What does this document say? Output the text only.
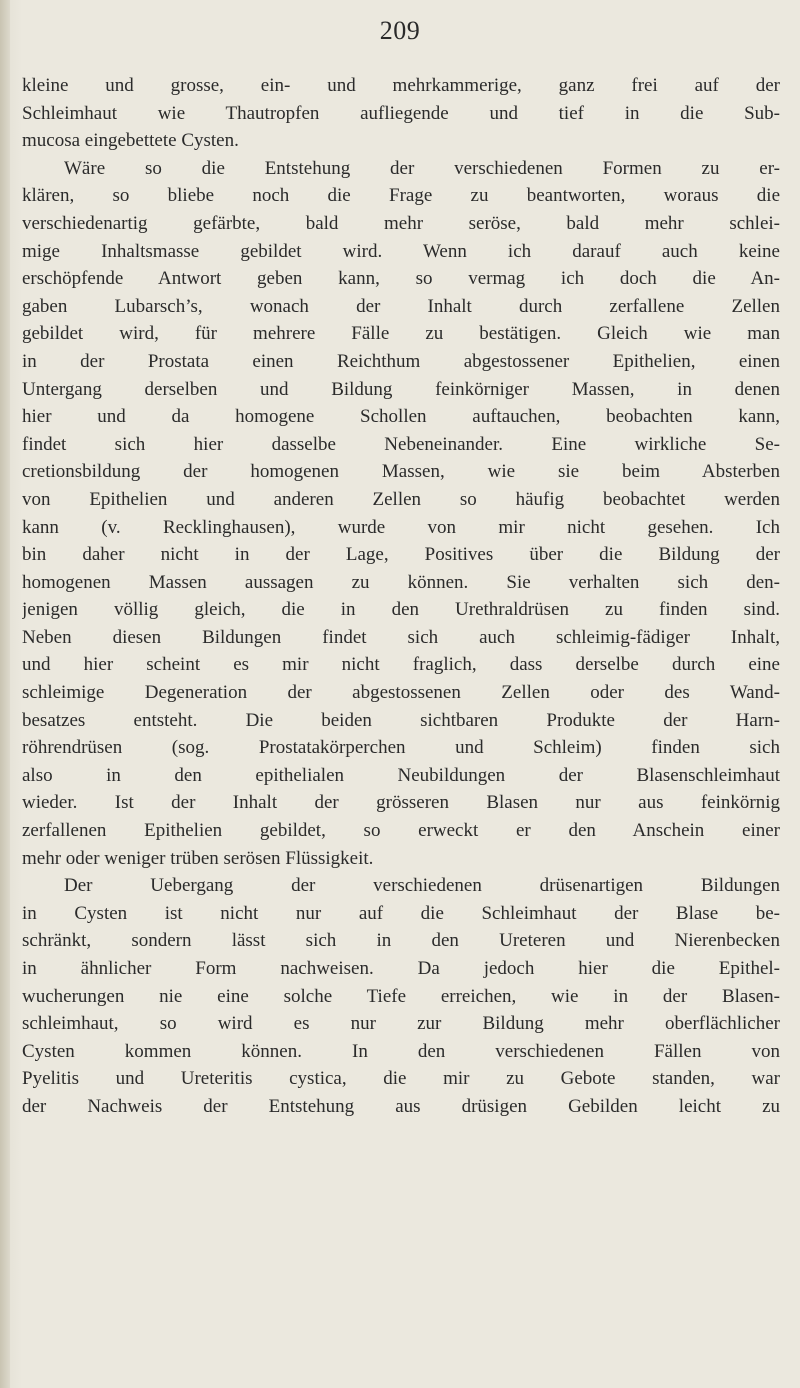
209
kleine und grosse, ein- und mehrkammerige, ganz frei auf der
Schleimhaut wie Thautropfen aufliegende und tief in die Sub-
mucosa eingebettete Cysten.
Wäre so die Entstehung der verschiedenen Formen zu er-
klären, so bliebe noch die Frage zu beantworten, woraus die
verschiedenartig gefärbte, bald mehr seröse, bald mehr schlei-
mige Inhaltsmasse gebildet wird. Wenn ich darauf auch keine
erschöpfende Antwort geben kann, so vermag ich doch die An-
gaben Lubarsch’s, wonach der Inhalt durch zerfallene Zellen
gebildet wird, für mehrere Fälle zu bestätigen. Gleich wie man
in der Prostata einen Reichthum abgestossener Epithelien, einen
Untergang derselben und Bildung feinkörniger Massen, in denen
hier und da homogene Schollen auftauchen, beobachten kann,
findet sich hier dasselbe Nebeneinander. Eine wirkliche Se-
cretionsbildung der homogenen Massen, wie sie beim Absterben
von Epithelien und anderen Zellen so häufig beobachtet werden
kann (v. Recklinghausen), wurde von mir nicht gesehen. Ich
bin daher nicht in der Lage, Positives über die Bildung der
homogenen Massen aussagen zu können. Sie verhalten sich den-
jenigen völlig gleich, die in den Urethraldrüsen zu finden sind.
Neben diesen Bildungen findet sich auch schleimig-fädiger Inhalt,
und hier scheint es mir nicht fraglich, dass derselbe durch eine
schleimige Degeneration der abgestossenen Zellen oder des Wand-
besatzes entsteht. Die beiden sichtbaren Produkte der Harn-
röhrendrüsen (sog. Prostatakörperchen und Schleim) finden sich
also in den epithelialen Neubildungen der Blasenschleimhaut
wieder. Ist der Inhalt der grösseren Blasen nur aus feinkörnig
zerfallenen Epithelien gebildet, so erweckt er den Anschein einer
mehr oder weniger trüben serösen Flüssigkeit.
Der Uebergang der verschiedenen drüsenartigen Bildungen
in Cysten ist nicht nur auf die Schleimhaut der Blase be-
schränkt, sondern lässt sich in den Ureteren und Nierenbecken
in ähnlicher Form nachweisen. Da jedoch hier die Epithel-
wucherungen nie eine solche Tiefe erreichen, wie in der Blasen-
schleimhaut, so wird es nur zur Bildung mehr oberflächlicher
Cysten kommen können. In den verschiedenen Fällen von
Pyelitis und Ureteritis cystica, die mir zu Gebote standen, war
der Nachweis der Entstehung aus drüsigen Gebilden leicht zu
